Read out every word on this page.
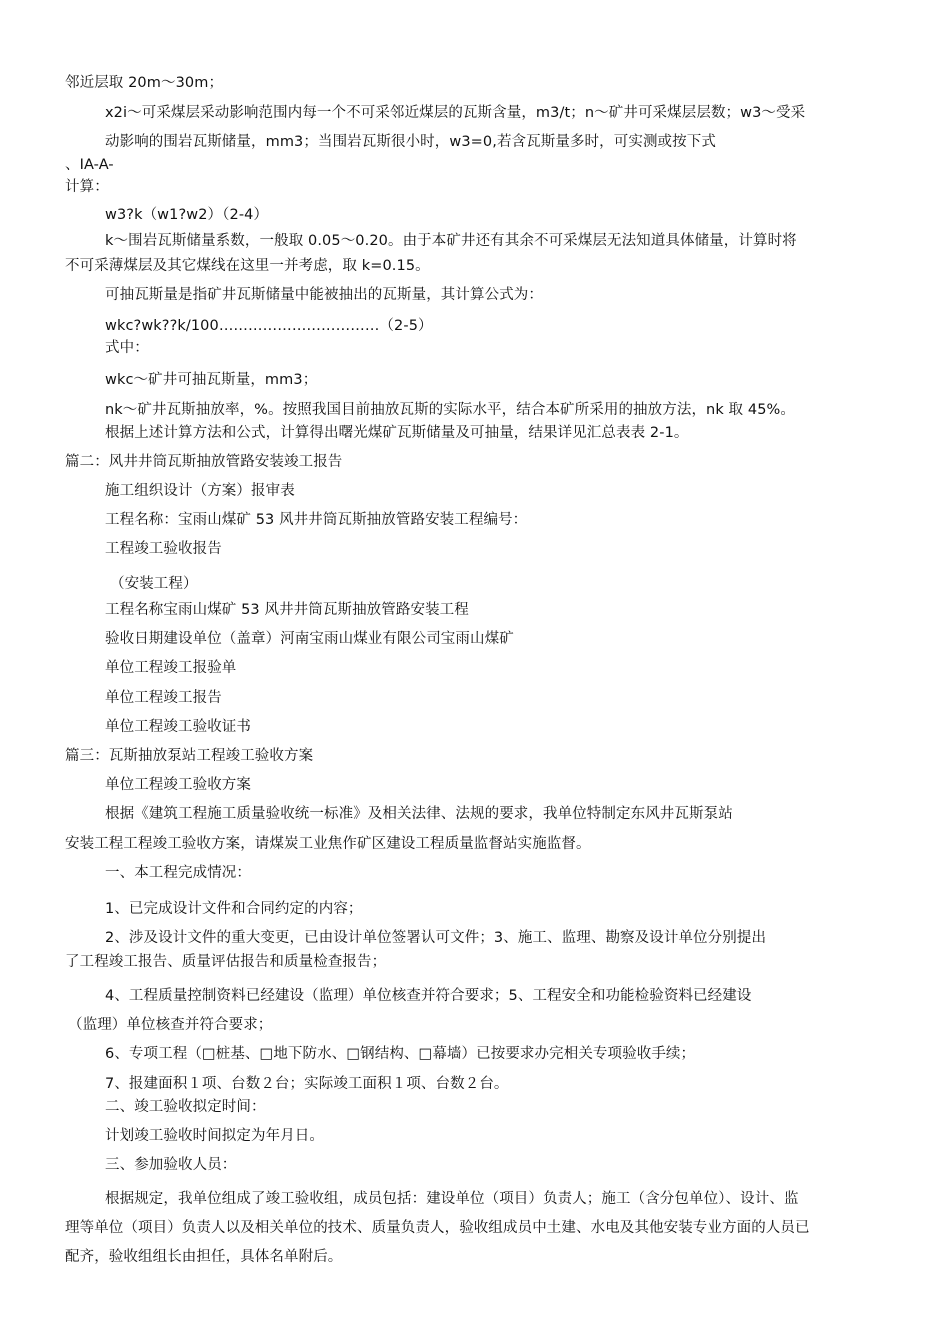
邻近层取 20m～30m；
x2i～可采煤层采动影响范围内每一个不可采邻近煤层的瓦斯含量，m3/t；n～矿井可采煤层层数；w3～受采
动影响的围岩瓦斯储量，mm3；当围岩瓦斯很小时，w3=0,若含瓦斯量多时，可实测或按下式
、IA-A-
计算：
w3?k（w1?w2）（2-4）
k～围岩瓦斯储量系数，一般取 0.05～0.20。由于本矿井还有其余不可采煤层无法知道具体储量，计算时将
不可采薄煤层及其它煤线在这里一并考虑，取 k=0.15。
可抽瓦斯量是指矿井瓦斯储量中能被抽出的瓦斯量，其计算公式为：
wkc?wk??k/100……………………………（2-5）
式中：
wkc～矿井可抽瓦斯量，mm3；
nk～矿井瓦斯抽放率，%。按照我国目前抽放瓦斯的实际水平，结合本矿所采用的抽放方法，nk 取 45%。
根据上述计算方法和公式，计算得出曙光煤矿瓦斯储量及可抽量，结果详见汇总表表 2-1。
篇二：风井井筒瓦斯抽放管路安装竣工报告
施工组织设计（方案）报审表
工程名称：宝雨山煤矿 53 风井井筒瓦斯抽放管路安装工程编号：
工程竣工验收报告
（安装工程）
工程名称宝雨山煤矿 53 风井井筒瓦斯抽放管路安装工程
验收日期建设单位（盖章）河南宝雨山煤业有限公司宝雨山煤矿
单位工程竣工报验单
单位工程竣工报告
单位工程竣工验收证书
篇三：瓦斯抽放泵站工程竣工验收方案
单位工程竣工验收方案
根据《建筑工程施工质量验收统一标准》及相关法律、法规的要求，我单位特制定东风井瓦斯泵站
安装工程工程竣工验收方案，请煤炭工业焦作矿区建设工程质量监督站实施监督。
一、本工程完成情况：
1、已完成设计文件和合同约定的内容；
2、涉及设计文件的重大变更，已由设计单位签署认可文件；3、施工、监理、勘察及设计单位分别提出
了工程竣工报告、质量评估报告和质量检查报告；
4、工程质量控制资料已经建设（监理）单位核查并符合要求；5、工程安全和功能检验资料已经建设
（监理）单位核查并符合要求；
6、专项工程（□桩基、□地下防水、□钢结构、□幕墙）已按要求办完相关专项验收手续；
7、报建面积１项、台数２台；实际竣工面积１项、台数２台。
二、竣工验收拟定时间：
计划竣工验收时间拟定为年月日。
三、参加验收人员：
根据规定，我单位组成了竣工验收组，成员包括：建设单位（项目）负责人；施工（含分包单位）、设计、监
理等单位（项目）负责人以及相关单位的技术、质量负责人，验收组成员中土建、水电及其他安装专业方面的人员已
配齐，验收组组长由担任，具体名单附后。
